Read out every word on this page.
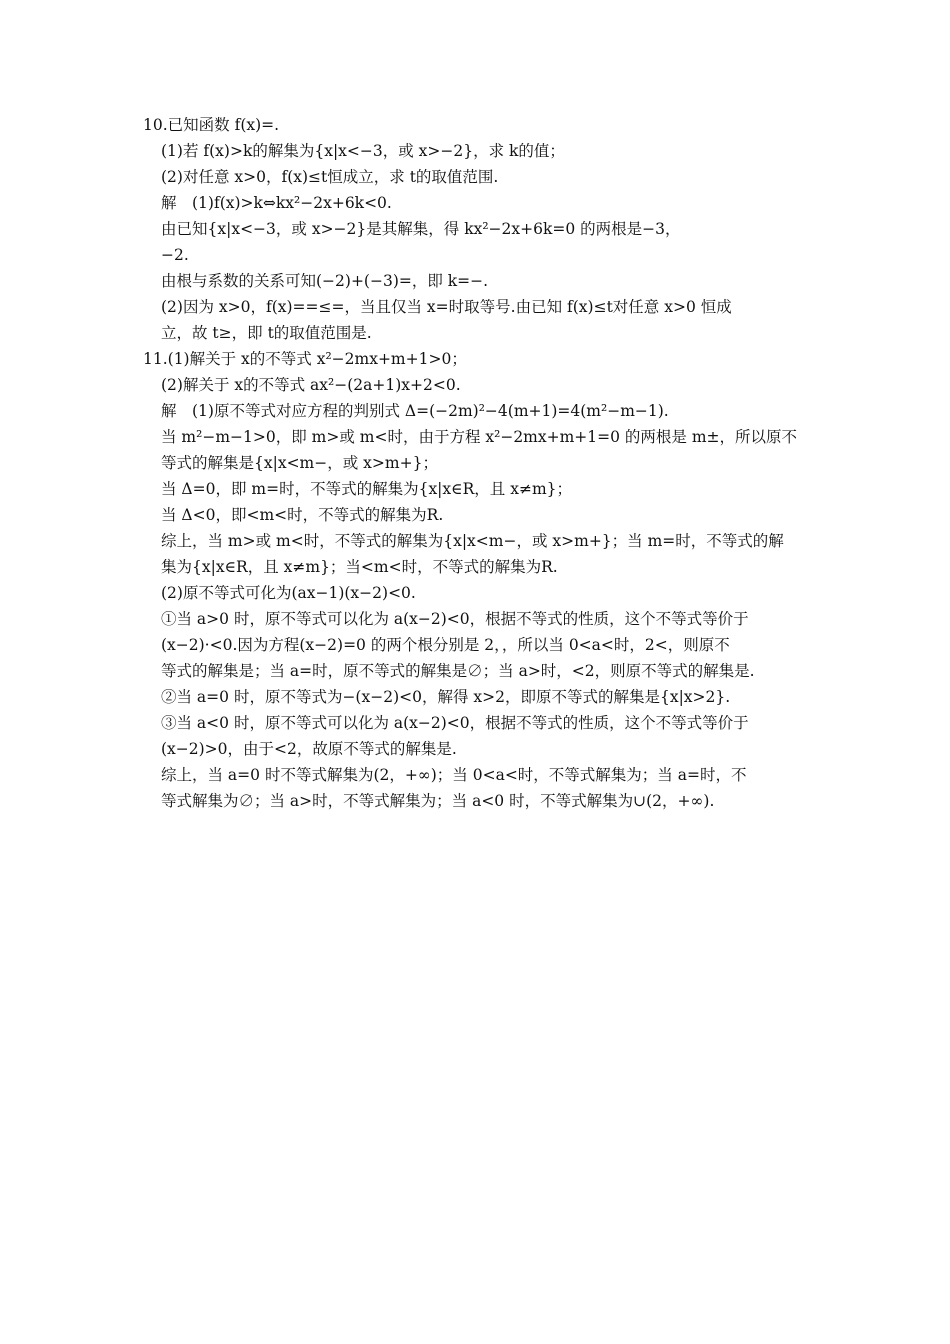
10.已知函数 f(x)=.
(1)若 f(x)>k的解集为{x|x<−3，或 x>−2}，求 k的值；
(2)对任意 x>0，f(x)≤t恒成立，求 t的取值范围.
解　(1)f(x)>k⇔kx²−2x+6k<0.
由已知{x|x<−3，或 x>−2}是其解集，得 kx²−2x+6k=0 的两根是−3，
−2.
由根与系数的关系可知(−2)+(−3)=，即 k=−.
(2)因为 x>0，f(x)==≤=，当且仅当 x=时取等号.由已知 f(x)≤t对任意 x>0 恒成
立，故 t≥，即 t的取值范围是.
11.(1)解关于 x的不等式 x²−2mx+m+1>0；
(2)解关于 x的不等式 ax²−(2a+1)x+2<0.
解　(1)原不等式对应方程的判别式 Δ=(−2m)²−4(m+1)=4(m²−m−1).
当 m²−m−1>0，即 m>或 m<时，由于方程 x²−2mx+m+1=0 的两根是 m±，所以原不
等式的解集是{x|x<m−，或 x>m+}；
当 Δ=0，即 m=时，不等式的解集为{x|x∈R，且 x≠m}；
当 Δ<0，即<m<时，不等式的解集为R.
综上，当 m>或 m<时，不等式的解集为{x|x<m−，或 x>m+}；当 m=时，不等式的解
集为{x|x∈R，且 x≠m}；当<m<时，不等式的解集为R.
(2)原不等式可化为(ax−1)(x−2)<0.
①当 a>0 时，原不等式可以化为 a(x−2)<0，根据不等式的性质，这个不等式等价于
(x−2)·<0.因为方程(x−2)=0 的两个根分别是 2，，所以当 0<a<时，2<，则原不
等式的解集是；当 a=时，原不等式的解集是∅；当 a>时，<2，则原不等式的解集是.
②当 a=0 时，原不等式为−(x−2)<0，解得 x>2，即原不等式的解集是{x|x>2}.
③当 a<0 时，原不等式可以化为 a(x−2)<0，根据不等式的性质，这个不等式等价于
(x−2)>0，由于<2，故原不等式的解集是.
综上，当 a=0 时不等式解集为(2，+∞)；当 0<a<时，不等式解集为；当 a=时，不
等式解集为∅；当 a>时，不等式解集为；当 a<0 时，不等式解集为∪(2，+∞).
